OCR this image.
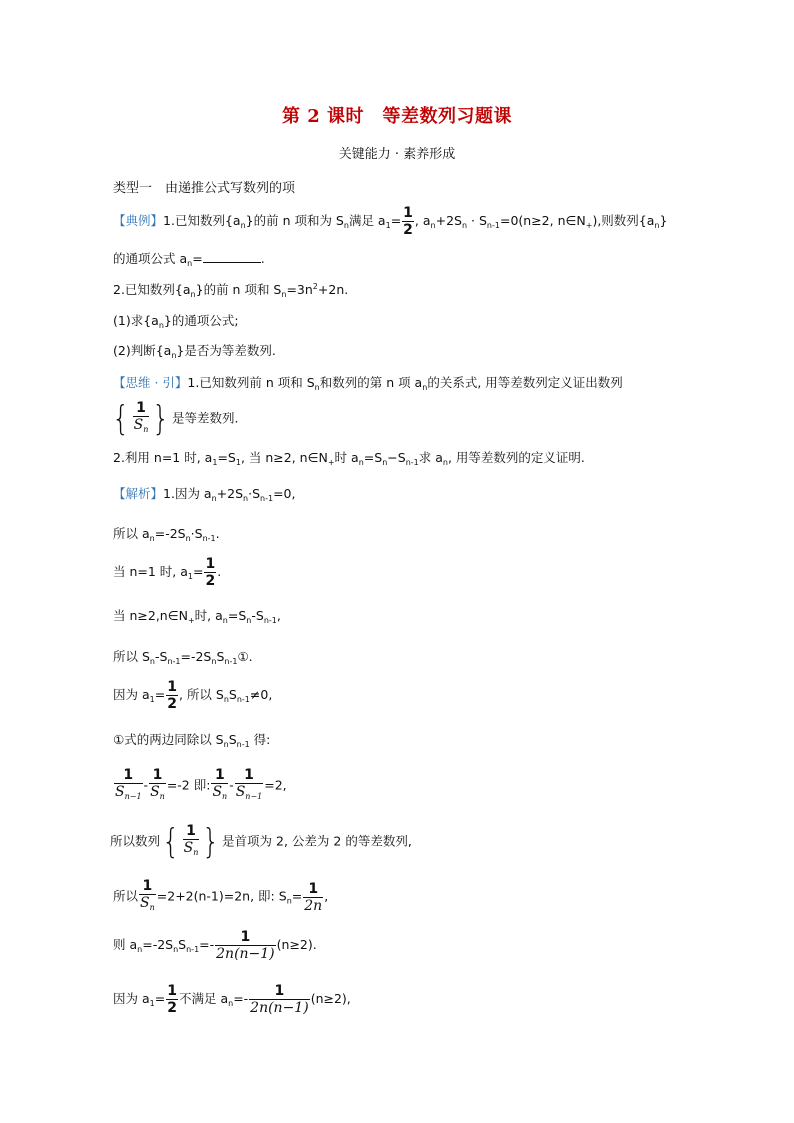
第 2 课时　等差数列习题课
关键能力 · 素养形成
类型一　由递推公式写数列的项
【典例】1.已知数列$\{a_n\}$的前 n 项和为 $S_n$满足 $a_1= \frac{1}{2}$ , $a_n+2S_n \cdot S_{n-1}=0(n\ge 2$, $n\in N_+$),则数列$\{a_n\}$
的通项公式 $a_n=$	.
2.已知数列$\{a_n\}$的前 n 项和 $S_n=3n^2+2n$.
(1)求$\{a_n\}$的通项公式;
(2)判断$\{a_n\}$是否为等差数列.
【思维 · 引】1.已知数列前 n 项和 $S_n$和数列的第 n 项 $a_n$的关系式, 用等差数列定义证出数列
{ $\frac{1}{S_n}$ } 是等差数列.
2.利用 n=1 时, $a_1=S_1$, 当 n≥2, $n\in N_+$时 $a_n=S_n-S_{n-1}$求 $a_n$, 用等差数列的定义证明.
【解析】1.因为 $a_n+2S_n\cdot S_{n-1}=0$,
所以 $a_n=-2S_n\cdot S_{n-1}$.
当 n=1 时, $a_1= \frac{1}{2}$ .
当 $n\ge 2,n\in N_+$时, $a_n=S_n-S_{n-1}$,
所以 $S_n-S_{n-1}=-2S_nS_{n-1}①$.
因为 $a_1= \frac{1}{2}$ , 所以 $S_nS_{n-1}\ne 0$,
①式的两边同除以 $S_nS_{n-1}$ 得:
$\frac{1}{S_{n-1}} - \frac{1}{S_n} =-2$ 即: $\frac{1}{S_n} - \frac{1}{S_{n-1}} =2$,
所以数列{ $\frac{1}{S_n}$ } 是首项为 2, 公差为 2 的等差数列,
所以 $\frac{1}{S_n} =2+2(n-1)=2n$, 即: $S_n= \frac{1}{2n}$ ,
则 $a_n=-2S_nS_{n-1}=- \frac{1}{2n(n-1)} (n\ge 2)$.
因为 $a_1= \frac{1}{2}$ 不满足 $a_n=- \frac{1}{2n(n-1)} (n\ge 2)$,
